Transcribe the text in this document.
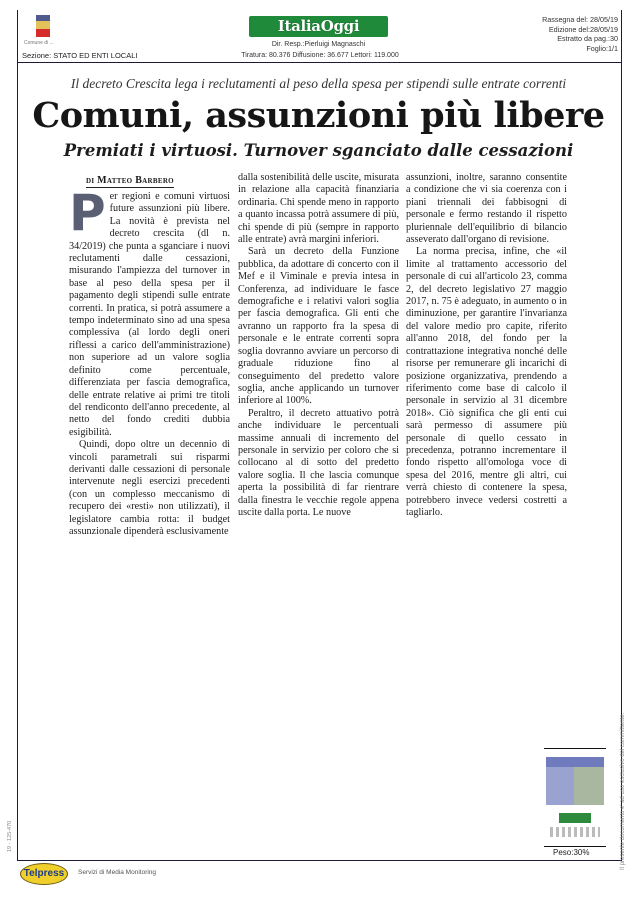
Comune di ...
Sezione: STATO ED ENTI LOCALI
ItaliaOggi
Dir. Resp.:Pierluigi Magnaschi
Tiratura: 80.376 Diffusione: 36.677 Lettori: 119.000
Rassegna del: 28/05/19
Edizione del:28/05/19
Estratto da pag.:30
Foglio:1/1
Il decreto Crescita lega i reclutamenti al peso della spesa per stipendi sulle entrate correnti
Comuni, assunzioni più libere
Premiati i virtuosi. Turnover sganciato dalle cessazioni
di Matteo Barbero

Per regioni e comuni virtuosi future assunzioni più libere. La novità è prevista nel decreto crescita (dl n. 34/2019) che punta a sganciare i nuovi reclutamenti dalle cessazioni, misurando l'ampiezza del turnover in base al peso della spesa per il pagamento degli stipendi sulle entrate correnti. In pratica, si potrà assumere a tempo indeterminato sino ad una spesa complessiva (al lordo degli oneri riflessi a carico dell'amministrazione) non superiore ad un valore soglia definito come percentuale, differenziata per fascia demografica, delle entrate relative ai primi tre titoli del rendiconto dell'anno precedente, al netto del fondo crediti dubbia esigibilità.

Quindi, dopo oltre un decennio di vincoli parametrali sui risparmi derivanti dalle cessazioni di personale intervenute negli esercizi precedenti (con un complesso meccanismo di recupero dei «resti» non utilizzati), il legislatore cambia rotta: il budget assunzionale dipenderà esclusivamente

dalla sostenibilità delle uscite, misurata in relazione alla capacità finanziaria ordinaria. Chi spende meno in rapporto a quanto incassa potrà assumere di più, chi spende di più (sempre in rapporto alle entrate) avrà margini inferiori.

Sarà un decreto della Funzione pubblica, da adottare di concerto con il Mef e il Viminale e previa intesa in Conferenza, ad individuare le fasce demografiche e i relativi valori soglia per fascia demografica. Gli enti che avranno un rapporto fra la spesa di personale e le entrate correnti sopra soglia dovranno avviare un percorso di graduale riduzione fino al conseguimento del predetto valore soglia, anche applicando un turnover inferiore al 100%.

Peraltro, il decreto attuativo potrà anche individuare le percentuali massime annuali di incremento del personale in servizio per coloro che si collocano al di sotto del predetto valore soglia. Il che lascia comunque aperta la possibilità di far rientrare dalla finestra le vecchie regole appena uscite dalla porta. Le nuove

assunzioni, inoltre, saranno consentite a condizione che vi sia coerenza con i piani triennali dei fabbisogni di personale e fermo restando il rispetto pluriennale dell'equilibrio di bilancio asseverato dall'organo di revisione.

La norma precisa, infine, che «il limite al trattamento accessorio del personale di cui all'articolo 23, comma 2, del decreto legislativo 27 maggio 2017, n. 75 è adeguato, in aumento o in diminuzione, per garantire l'invarianza del valore medio pro capite, riferito all'anno 2018, del fondo per la contrattazione integrativa nonché delle risorse per remunerare gli incarichi di posizione organizzativa, prendendo a riferimento come base di calcolo il personale in servizio al 31 dicembre 2018». Ciò significa che gli enti cui sarà permesso di assumere più personale di quello cessato in precedenza, potranno incrementare il fondo rispetto all'omologa voce di spesa del 2016, mentre gli altri, cui verrà chiesto di contenere la spesa, potrebbero invece vedersi costretti a tagliarlo.

Peso:30%	Il presente documento e' ad uso esclusivo del committente.
19 - 125-470
Telpress	Servizi di Media Monitoring
